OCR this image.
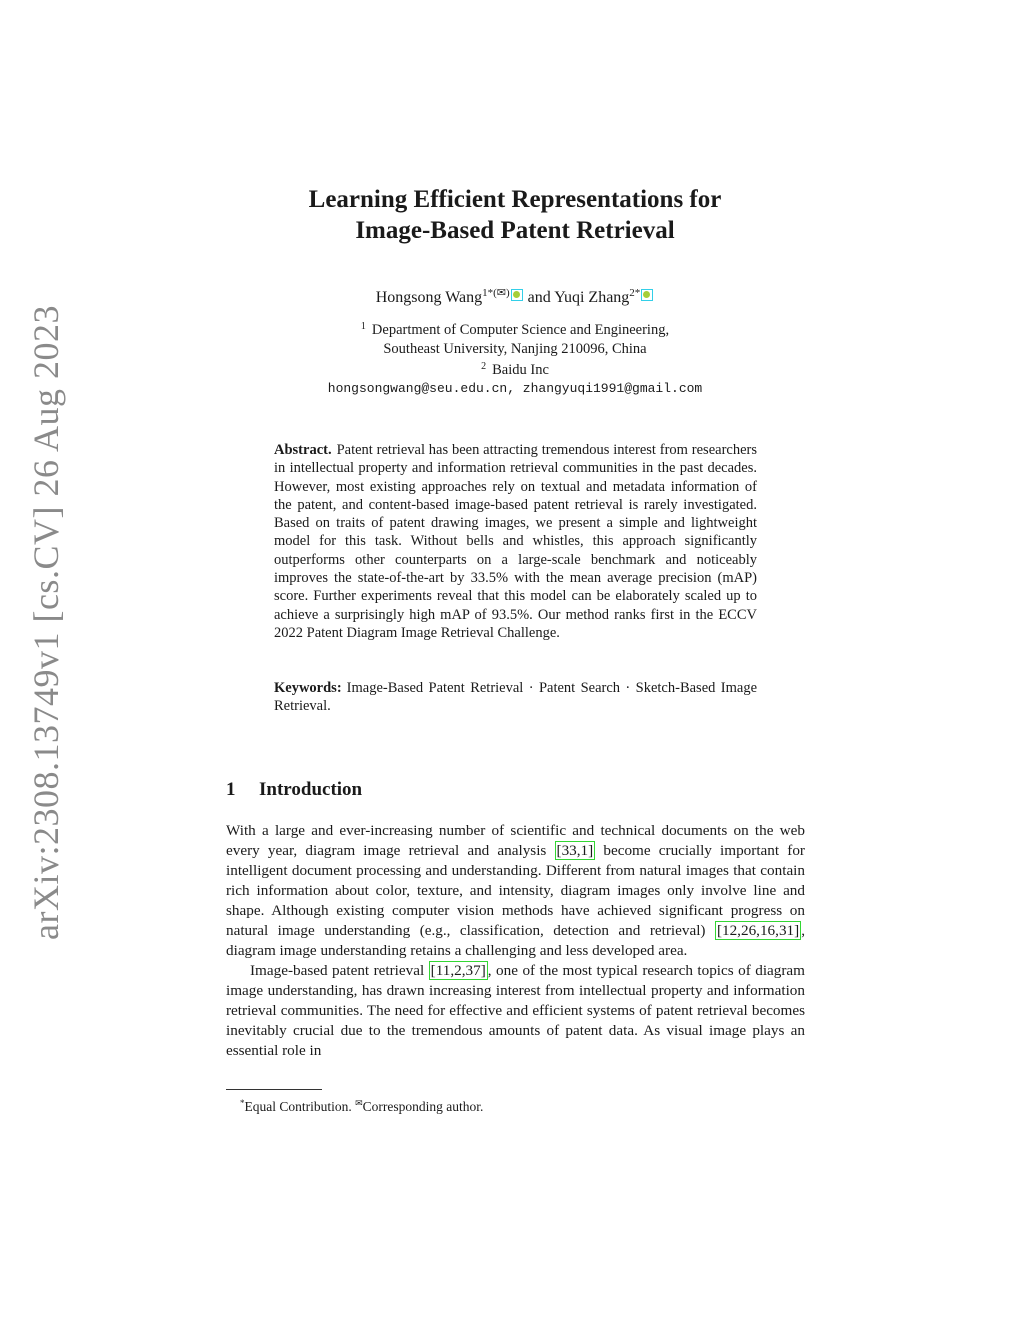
arXiv:2308.13749v1 [cs.CV] 26 Aug 2023
Learning Efficient Representations for
Image-Based Patent Retrieval
Hongsong Wang$^{1*(✉)}$ and Yuqi Zhang$^{2*}$
$^1$ Department of Computer Science and Engineering,
Southeast University, Nanjing 210096, China
$^2$ Baidu Inc
hongsongwang@seu.edu.cn, zhangyuqi1991@gmail.com
Abstract. Patent retrieval has been attracting tremendous interest from researchers in intellectual property and information retrieval communities in the past decades. However, most existing approaches rely on textual and metadata information of the patent, and content-based image-based patent retrieval is rarely investigated. Based on traits of patent drawing images, we present a simple and lightweight model for this task. Without bells and whistles, this approach significantly outperforms other counterparts on a large-scale benchmark and noticeably improves the state-of-the-art by 33.5% with the mean average precision (mAP) score. Further experiments reveal that this model can be elaborately scaled up to achieve a surprisingly high mAP of 93.5%. Our method ranks first in the ECCV 2022 Patent Diagram Image Retrieval Challenge.
Keywords: Image-Based Patent Retrieval · Patent Search · Sketch-Based Image Retrieval.
1 Introduction

With a large and ever-increasing number of scientific and technical documents on the web every year, diagram image retrieval and analysis [33,1] become crucially important for intelligent document processing and understanding. Different from natural images that contain rich information about color, texture, and intensity, diagram images only involve line and shape. Although existing computer vision methods have achieved significant progress on natural image understanding (e.g., classification, detection and retrieval) [12,26,16,31] , diagram image understanding retains a challenging and less developed area.

Image-based patent retrieval [11,2,37] , one of the most typical research topics of diagram image understanding, has drawn increasing interest from intellectual property and information retrieval communities. The need for effective and efficient systems of patent retrieval becomes inevitably crucial due to the tremendous amounts of patent data. As visual image plays an essential role in

*Equal Contribution. ✉Corresponding author.
